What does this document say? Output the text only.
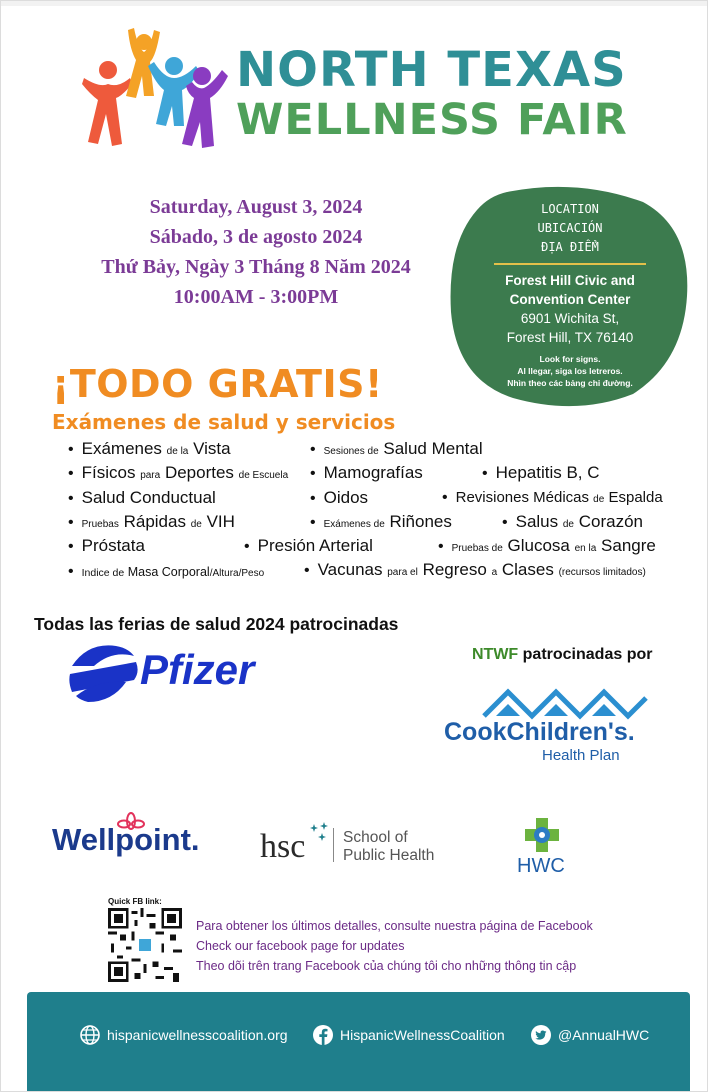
NORTH TEXAS
WELLNESS FAIR
Saturday, August 3, 2024
Sábado, 3 de agosto 2024
Thứ Bảy, Ngày 3 Tháng 8 Năm 2024
10:00AM - 3:00PM
LOCATION
UBICACIÓN
ĐỊA ĐIỂM
Forest Hill Civic and
Convention Center
6901 Wichita St,
Forest Hill, TX 76140
Look for signs.
Al llegar, siga los letreros.
Nhìn theo các bảng chỉ đường.
¡TODO GRATIS!
Exámenes de salud y servicios
• Exámenes de la Vista	• Sesiones de Salud Mental
• Físicos para Deportes de Escuela • Mamografías	• Hepatitis B, C
• Salud Conductual	• Oidos	• Revisiones Médicas de Espalda
• Pruebas Rápidas de VIH	• Exámenes de Riñones	• Salus de Corazón
• Próstata	• Presión Arterial	• Pruebas de Glucosa en la Sangre
• Indice de Masa Corporal/Altura/Peso • Vacunas para el Regreso a Clases (recursos limitados)
Todas las ferias de salud 2024 patrocinadas
Pfizer	NTWF patrocinadas por
CookChildren's.
Health Plan
Wellpoint. hsc School of
Public Health	HWC
Quick FB link:
Para obtener los últimos detalles, consulte nuestra página de Facebook
Check our facebook page for updates
Theo dõi trên trang Facebook của chúng tôi cho những thông tin cập
hispanicwellnesscoalition.org	HispanicWellnessCoalition	@AnnualHWC
